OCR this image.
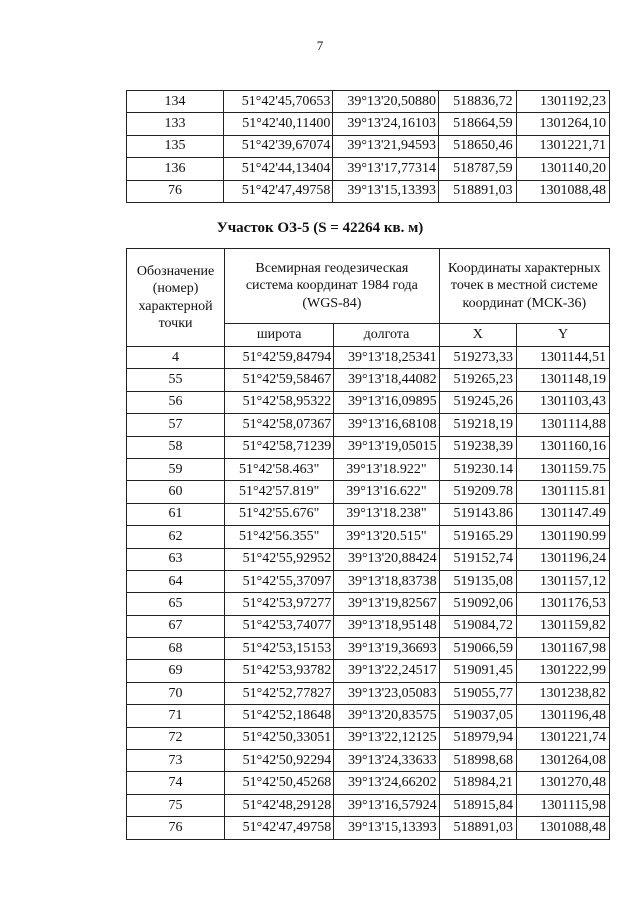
7
134	51°42'45,70653	39°13'20,50880	518836,72	1301192,23
133	51°42'40,11400	39°13'24,16103	518664,59	1301264,10
135	51°42'39,67074	39°13'21,94593	518650,46	1301221,71
136	51°42'44,13404	39°13'17,77314	518787,59	1301140,20
76	51°42'47,49758	39°13'15,13393	518891,03	1301088,48
Участок ОЗ-5 (S = 42264 кв. м)
Обозначение (номер) характерной точки	Всемирная геодезическая система координат 1984 года (WGS-84)		Координаты характерных точек в местной системе координат (МСК-36)	
	широта	долгота	X	Y
4	51°42'59,84794	39°13'18,25341	519273,33	1301144,51
55	51°42'59,58467	39°13'18,44082	519265,23	1301148,19
56	51°42'58,95322	39°13'16,09895	519245,26	1301103,43
57	51°42'58,07367	39°13'16,68108	519218,19	1301114,88
58	51°42'58,71239	39°13'19,05015	519238,39	1301160,16
59	51°42'58.463"	39°13'18.922"	519230.14	1301159.75
60	51°42'57.819"	39°13'16.622"	519209.78	1301115.81
61	51°42'55.676"	39°13'18.238"	519143.86	1301147.49
62	51°42'56.355"	39°13'20.515"	519165.29	1301190.99
63	51°42'55,92952	39°13'20,88424	519152,74	1301196,24
64	51°42'55,37097	39°13'18,83738	519135,08	1301157,12
65	51°42'53,97277	39°13'19,82567	519092,06	1301176,53
67	51°42'53,74077	39°13'18,95148	519084,72	1301159,82
68	51°42'53,15153	39°13'19,36693	519066,59	1301167,98
69	51°42'53,93782	39°13'22,24517	519091,45	1301222,99
70	51°42'52,77827	39°13'23,05083	519055,77	1301238,82
71	51°42'52,18648	39°13'20,83575	519037,05	1301196,48
72	51°42'50,33051	39°13'22,12125	518979,94	1301221,74
73	51°42'50,92294	39°13'24,33633	518998,68	1301264,08
74	51°42'50,45268	39°13'24,66202	518984,21	1301270,48
75	51°42'48,29128	39°13'16,57924	518915,84	1301115,98
76	51°42'47,49758	39°13'15,13393	518891,03	1301088,48
